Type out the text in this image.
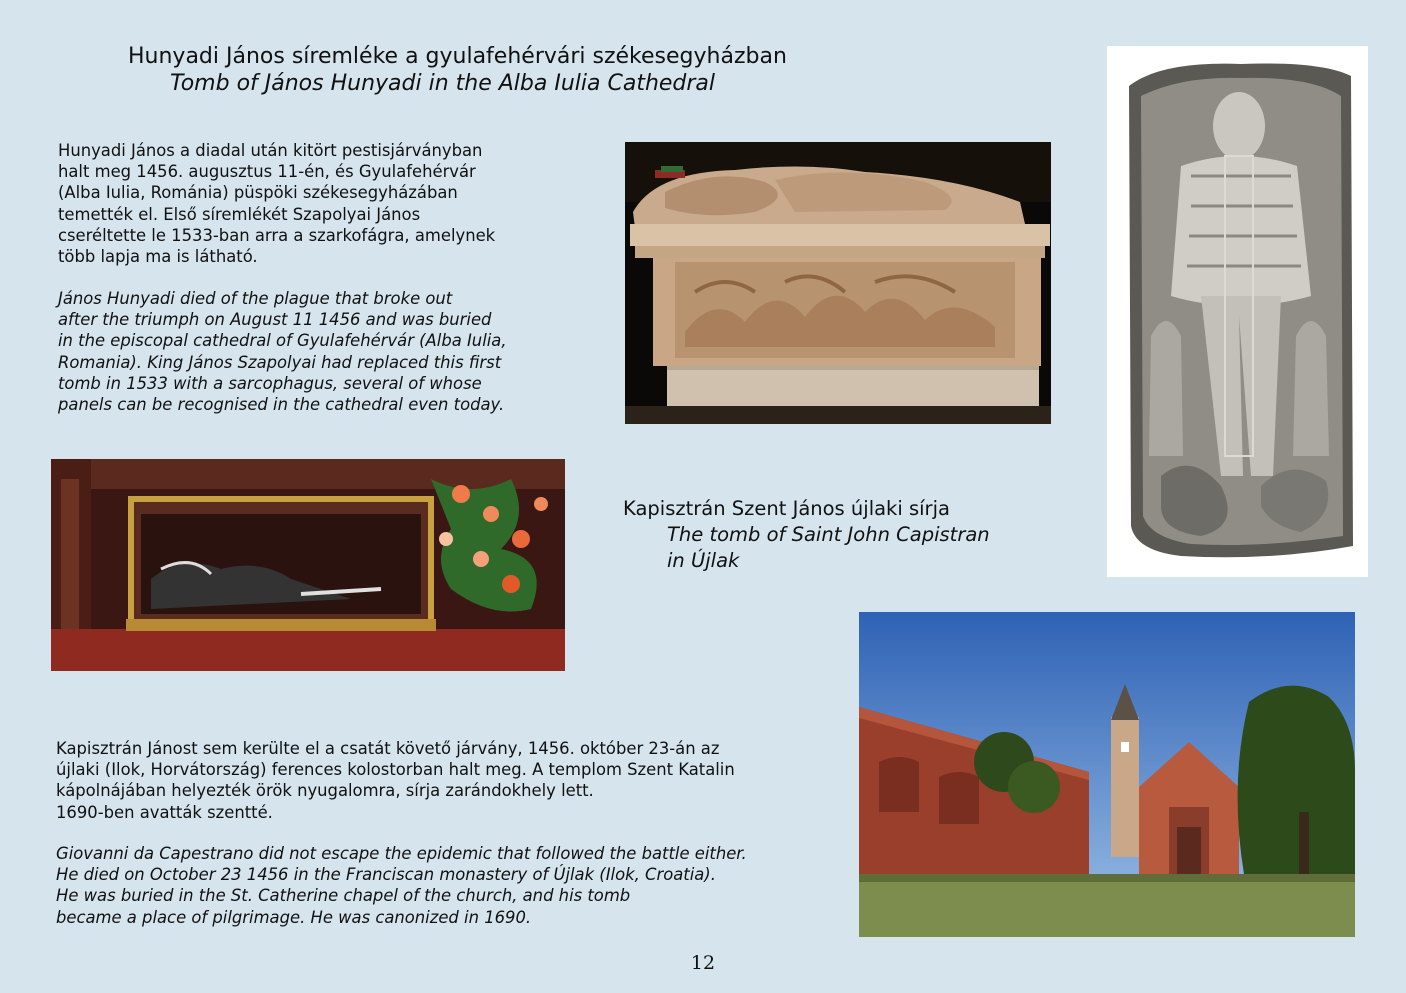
Hunyadi János síremléke a gyulafehérvári székesegyházban
Tomb of János Hunyadi in the Alba Iulia Cathedral
Hunyadi János a diadal után kitört pestisjárványban
halt meg 1456. augusztus 11-én, és Gyulafehérvár
(Alba Iulia, Románia) püspöki székesegyházában
temették el. Első síremlékét Szapolyai János
cseréltette le 1533-ban arra a szarkofágra, amelynek
több lapja ma is látható.
János Hunyadi died of the plague that broke out
after the triumph on August 11 1456 and was buried
in the episcopal cathedral of Gyulafehérvár (Alba Iulia,
Romania). King János Szapolyai had replaced this first
tomb in 1533 with a sarcophagus, several of whose
panels can be recognised in the cathedral even today.
Kapisztrán Szent János újlaki sírja
The tomb of Saint John Capistran
in Újlak
Kapisztrán Jánost sem kerülte el a csatát követő járvány, 1456. október 23-án az
újlaki (Ilok, Horvátország) ferences kolostorban halt meg. A templom Szent Katalin
kápolnájában helyezték örök nyugalomra, sírja zarándokhely lett.
1690-ben avatták szentté.
Giovanni da Capestrano did not escape the epidemic that followed the battle either.
He died on October 23 1456 in the Franciscan monastery of Újlak (Ilok, Croatia).
He was buried in the St. Catherine chapel of the church, and his tomb
became a place of pilgrimage. He was canonized in 1690.
12
